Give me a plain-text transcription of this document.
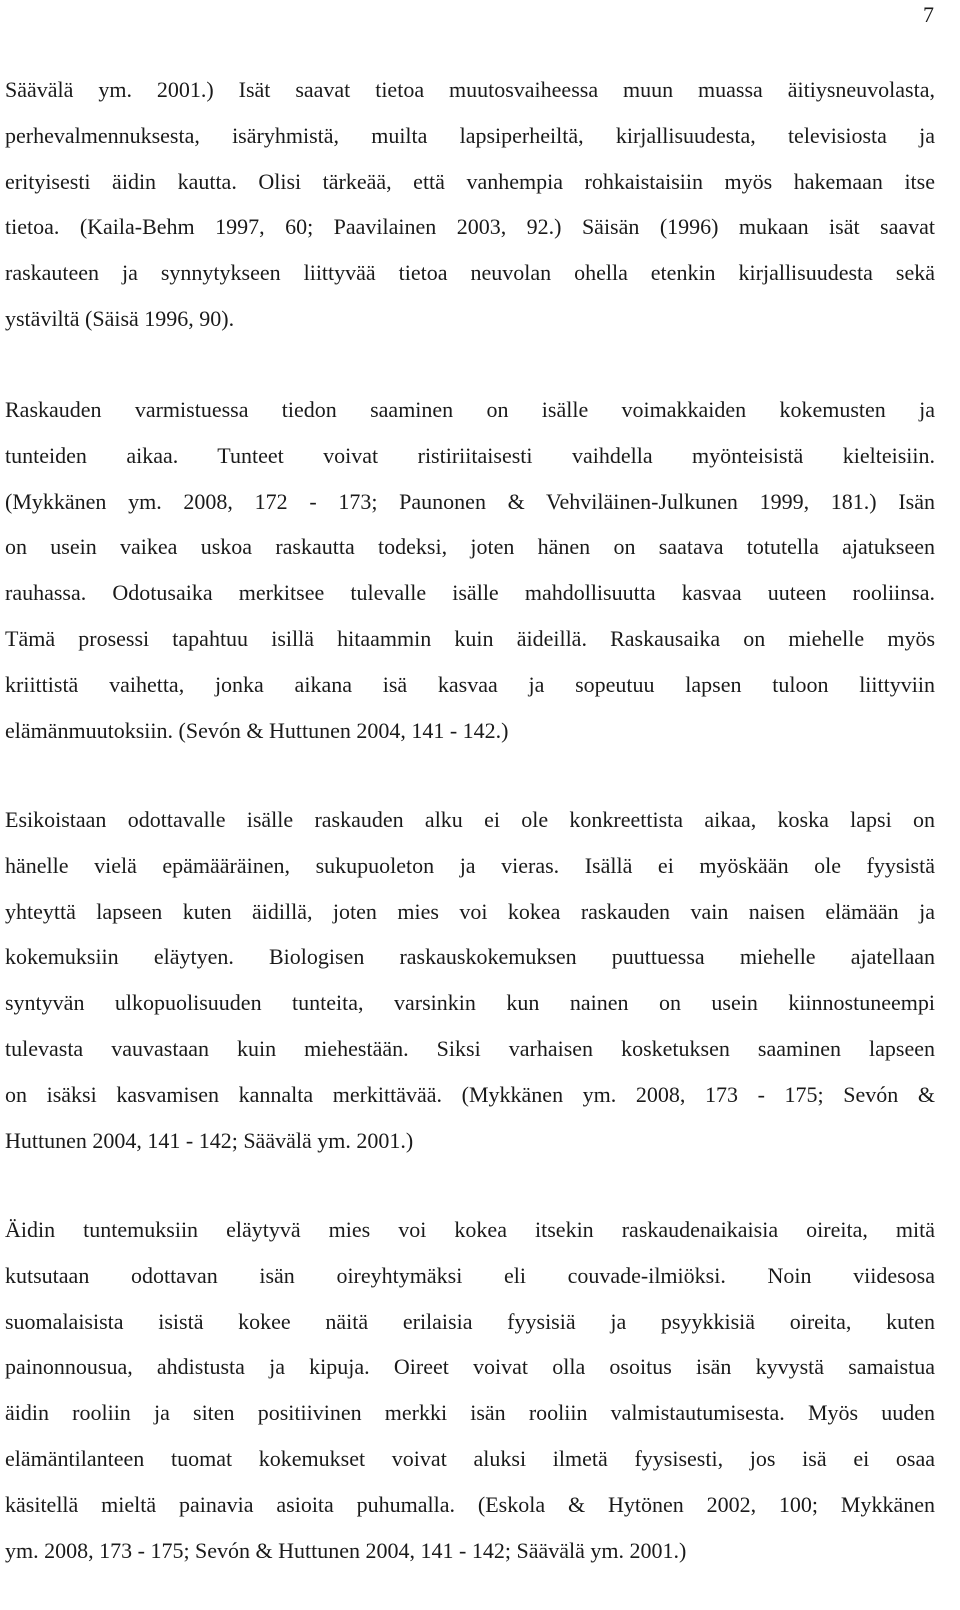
7
Säävälä ym. 2001.) Isät saavat tietoa muutosvaiheessa muun muassa äitiysneuvolasta,
perhevalmennuksesta, isäryhmistä, muilta lapsiperheiltä, kirjallisuudesta, televisiosta ja
erityisesti äidin kautta. Olisi tärkeää, että vanhempia rohkaistaisiin myös hakemaan itse
tietoa. (Kaila-Behm 1997, 60; Paavilainen 2003, 92.) Säisän (1996) mukaan isät saavat
raskauteen ja synnytykseen liittyvää tietoa neuvolan ohella etenkin kirjallisuudesta sekä
ystäviltä (Säisä 1996, 90).
Raskauden varmistuessa tiedon saaminen on isälle voimakkaiden kokemusten ja
tunteiden aikaa. Tunteet voivat ristiriitaisesti vaihdella myönteisistä kielteisiin.
(Mykkänen ym. 2008, 172 - 173; Paunonen & Vehviläinen-Julkunen 1999, 181.) Isän
on usein vaikea uskoa raskautta todeksi, joten hänen on saatava totutella ajatukseen
rauhassa. Odotusaika merkitsee tulevalle isälle mahdollisuutta kasvaa uuteen rooliinsa.
Tämä prosessi tapahtuu isillä hitaammin kuin äideillä. Raskausaika on miehelle myös
kriittistä vaihetta, jonka aikana isä kasvaa ja sopeutuu lapsen tuloon liittyviin
elämänmuutoksiin. (Sevón & Huttunen 2004, 141 - 142.)
Esikoistaan odottavalle isälle raskauden alku ei ole konkreettista aikaa, koska lapsi on
hänelle vielä epämääräinen, sukupuoleton ja vieras. Isällä ei myöskään ole fyysistä
yhteyttä lapseen kuten äidillä, joten mies voi kokea raskauden vain naisen elämään ja
kokemuksiin eläytyen. Biologisen raskauskokemuksen puuttuessa miehelle ajatellaan
syntyvän ulkopuolisuuden tunteita, varsinkin kun nainen on usein kiinnostuneempi
tulevasta vauvastaan kuin miehestään. Siksi varhaisen kosketuksen saaminen lapseen
on isäksi kasvamisen kannalta merkittävää. (Mykkänen ym. 2008, 173 - 175; Sevón &
Huttunen 2004, 141 - 142; Säävälä ym. 2001.)
Äidin tuntemuksiin eläytyvä mies voi kokea itsekin raskaudenaikaisia oireita, mitä
kutsutaan odottavan isän oireyhtymäksi eli couvade-ilmiöksi. Noin viidesosa
suomalaisista isistä kokee näitä erilaisia fyysisiä ja psyykkisiä oireita, kuten
painonnousua, ahdistusta ja kipuja. Oireet voivat olla osoitus isän kyvystä samaistua
äidin rooliin ja siten positiivinen merkki isän rooliin valmistautumisesta. Myös uuden
elämäntilanteen tuomat kokemukset voivat aluksi ilmetä fyysisesti, jos isä ei osaa
käsitellä mieltä painavia asioita puhumalla. (Eskola & Hytönen 2002, 100; Mykkänen
ym. 2008, 173 - 175; Sevón & Huttunen 2004, 141 - 142; Säävälä ym. 2001.)
